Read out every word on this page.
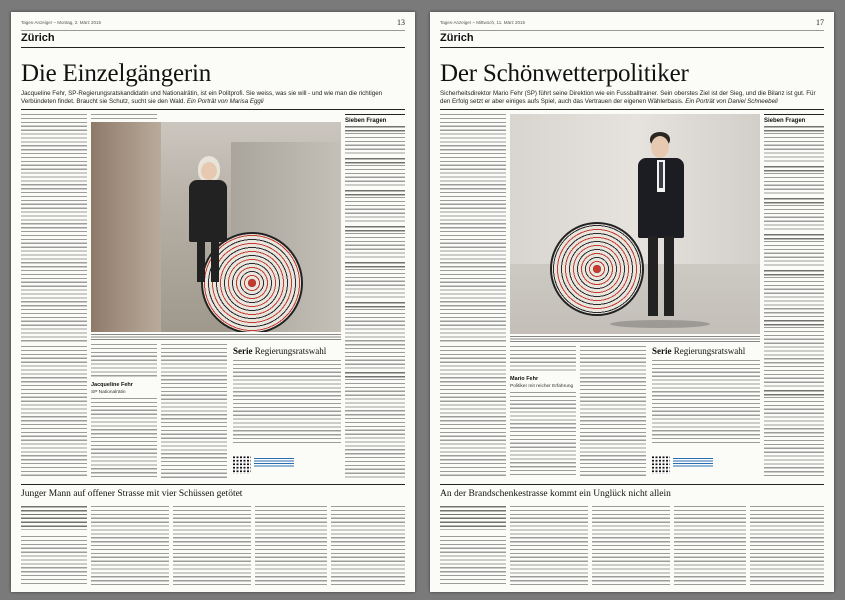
Tages-Anzeiger – Montag, 2. März 2015	13
Zürich
Die Einzelgängerin
Jacqueline Fehr, SP-Regierungsratskandidatin und Nationalrätin, ist ein Politprofi. Sie weiss, was sie will - und wie man die richtigen Verbündeten findet. Braucht sie Schutz, sucht sie den Wald. Ein Porträt von Marisa Eggli
Sieben Fragen
Jacqueline Fehr
SP Nationalrätin
Serie Regierungsratswahl
Junger Mann auf offener Strasse mit vier Schüssen getötet
Tages-Anzeiger – Mittwoch, 11. März 2015	17
Zürich
Der Schönwetterpolitiker
Sicherheitsdirektor Mario Fehr (SP) führt seine Direktion wie ein Fussballtrainer. Sein oberstes Ziel ist der Sieg, und die Bilanz ist gut. Für den Erfolg setzt er aber einiges aufs Spiel, auch das Vertrauen der eigenen Wählerbasis. Ein Porträt von Daniel Schneebeli
Sieben Fragen
Mario Fehr
Politiker mit reicher Erfahrung
Serie Regierungsratswahl
An der Brandschenkestrasse kommt ein Unglück nicht allein
